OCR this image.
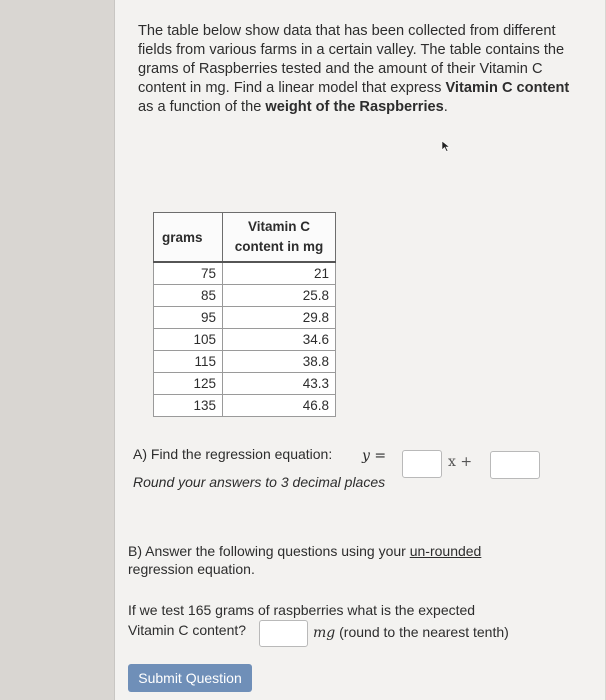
The table below show data that has been collected from different fields from various farms in a certain valley. The table contains the grams of Raspberries tested and the amount of their Vitamin C content in mg. Find a linear model that express Vitamin C content as a function of the weight of the Raspberries.
grams	Vitamin C content in mg
75	21
85	25.8
95	29.8
105	34.6
115	38.8
125	43.3
135	46.8
A) Find the regression equation:
Round your answers to 3 decimal places
y =	x +
B) Answer the following questions using your un-rounded regression equation.
If we test 165 grams of raspberries what is the expected
Vitamin C content?	mg (round to the nearest tenth)
Submit Question
